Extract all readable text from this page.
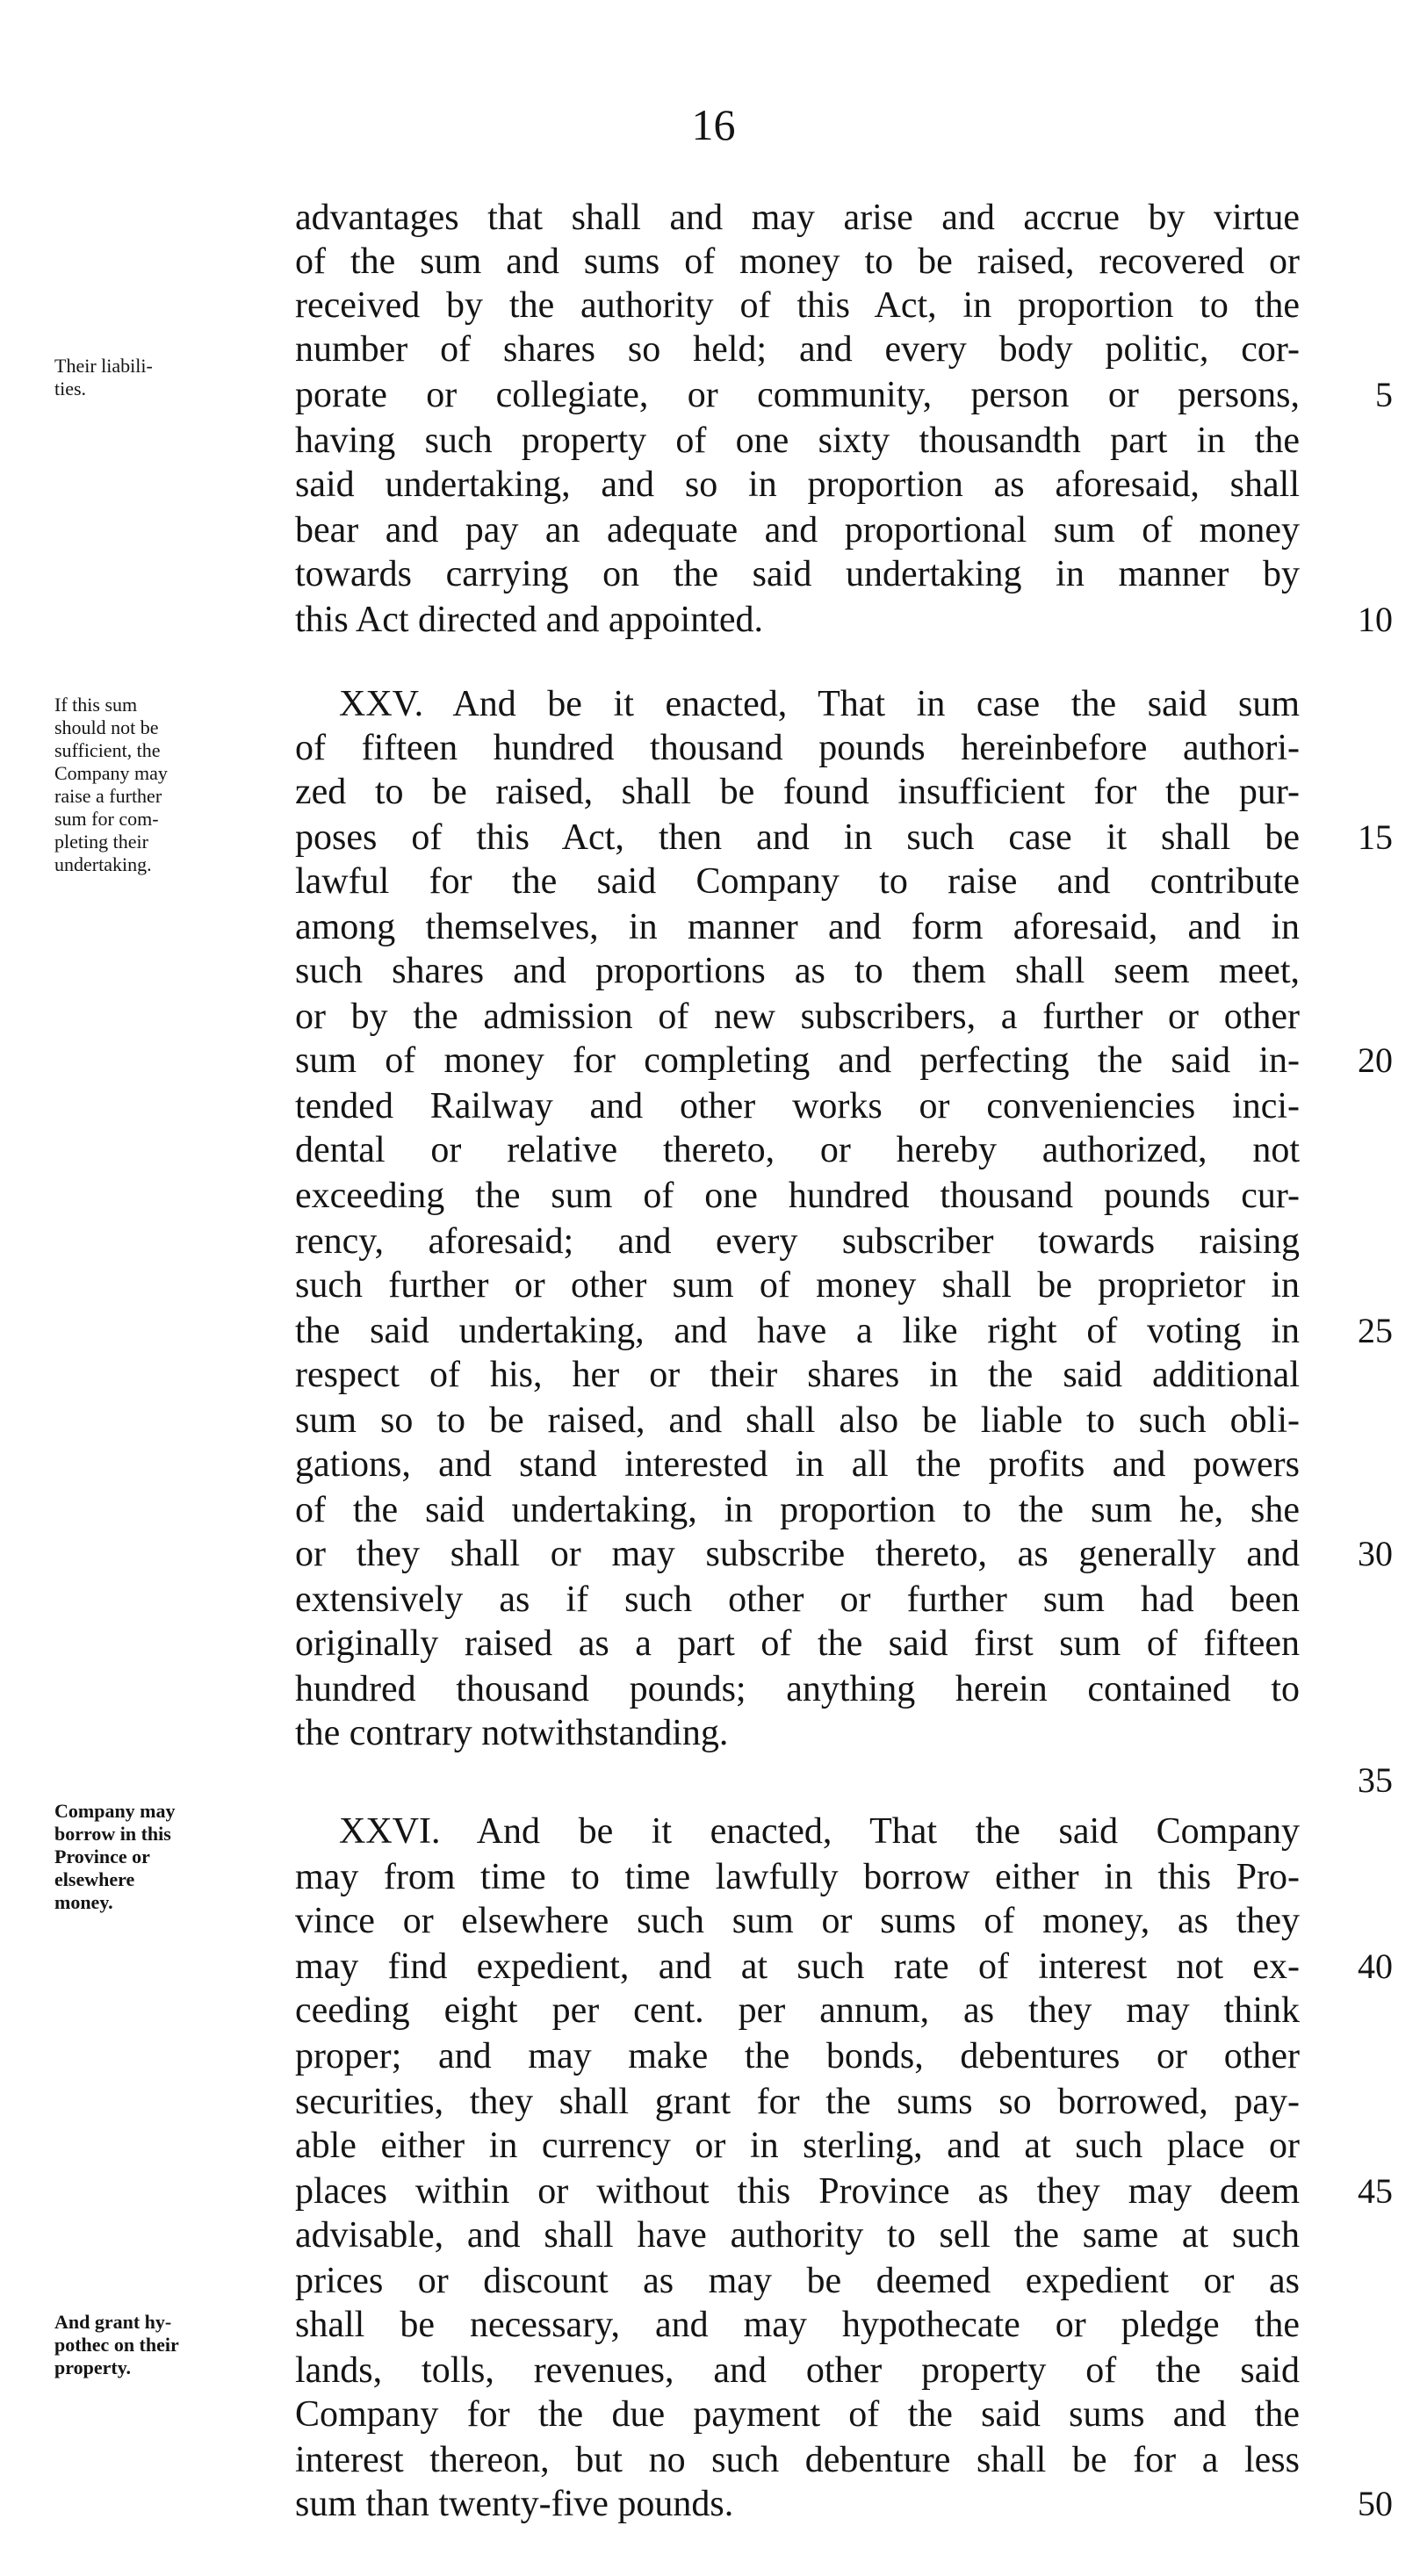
16
advantages that shall and may arise and accrue by virtue
of the sum and sums of money to be raised, recovered or
received by the authority of this Act, in proportion to the
number of shares so held; and every body politic, cor-
porate or collegiate, or community, person or persons,
having such property of one sixty thousandth part in the
said undertaking, and so in proportion as aforesaid, shall
bear and pay an adequate and proportional sum of money
towards carrying on the said undertaking in manner by
this Act directed and appointed.
XXV. And be it enacted, That in case the said sum
of fifteen hundred thousand pounds hereinbefore authori-
zed to be raised, shall be found insufficient for the pur-
poses of this Act, then and in such case it shall be
lawful for the said Company to raise and contribute
among themselves, in manner and form aforesaid, and in
such shares and proportions as to them shall seem meet,
or by the admission of new subscribers, a further or other
sum of money for completing and perfecting the said in-
tended Railway and other works or conveniencies inci-
dental or relative thereto, or hereby authorized, not
exceeding the sum of one hundred thousand pounds cur-
rency, aforesaid; and every subscriber towards raising
such further or other sum of money shall be proprietor in
the said undertaking, and have a like right of voting in
respect of his, her or their shares in the said additional
sum so to be raised, and shall also be liable to such obli-
gations, and stand interested in all the profits and powers
of the said undertaking, in proportion to the sum he, she
or they shall or may subscribe thereto, as generally and
extensively as if such other or further sum had been
originally raised as a part of the said first sum of fifteen
hundred thousand pounds; anything herein contained to
the contrary notwithstanding.
XXVI. And be it enacted, That the said Company
may from time to time lawfully borrow either in this Pro-
vince or elsewhere such sum or sums of money, as they
may find expedient, and at such rate of interest not ex-
ceeding eight per cent. per annum, as they may think
proper; and may make the bonds, debentures or other
securities, they shall grant for the sums so borrowed, pay-
able either in currency or in sterling, and at such place or
places within or without this Province as they may deem
advisable, and shall have authority to sell the same at such
prices or discount as may be deemed expedient or as
shall be necessary, and may hypothecate or pledge the
lands, tolls, revenues, and other property of the said
Company for the due payment of the said sums and the
interest thereon, but no such debenture shall be for a less
sum than twenty-five pounds.
5
10
15
20
25
30
35
40
45
50
Their liabili-
ties.
If this sum
should not be
sufficient, the
Company may
raise a further
sum for com-
pleting their
undertaking.
Company may
borrow in this
Province or
elsewhere
money.
And grant hy-
pothec on their
property.
